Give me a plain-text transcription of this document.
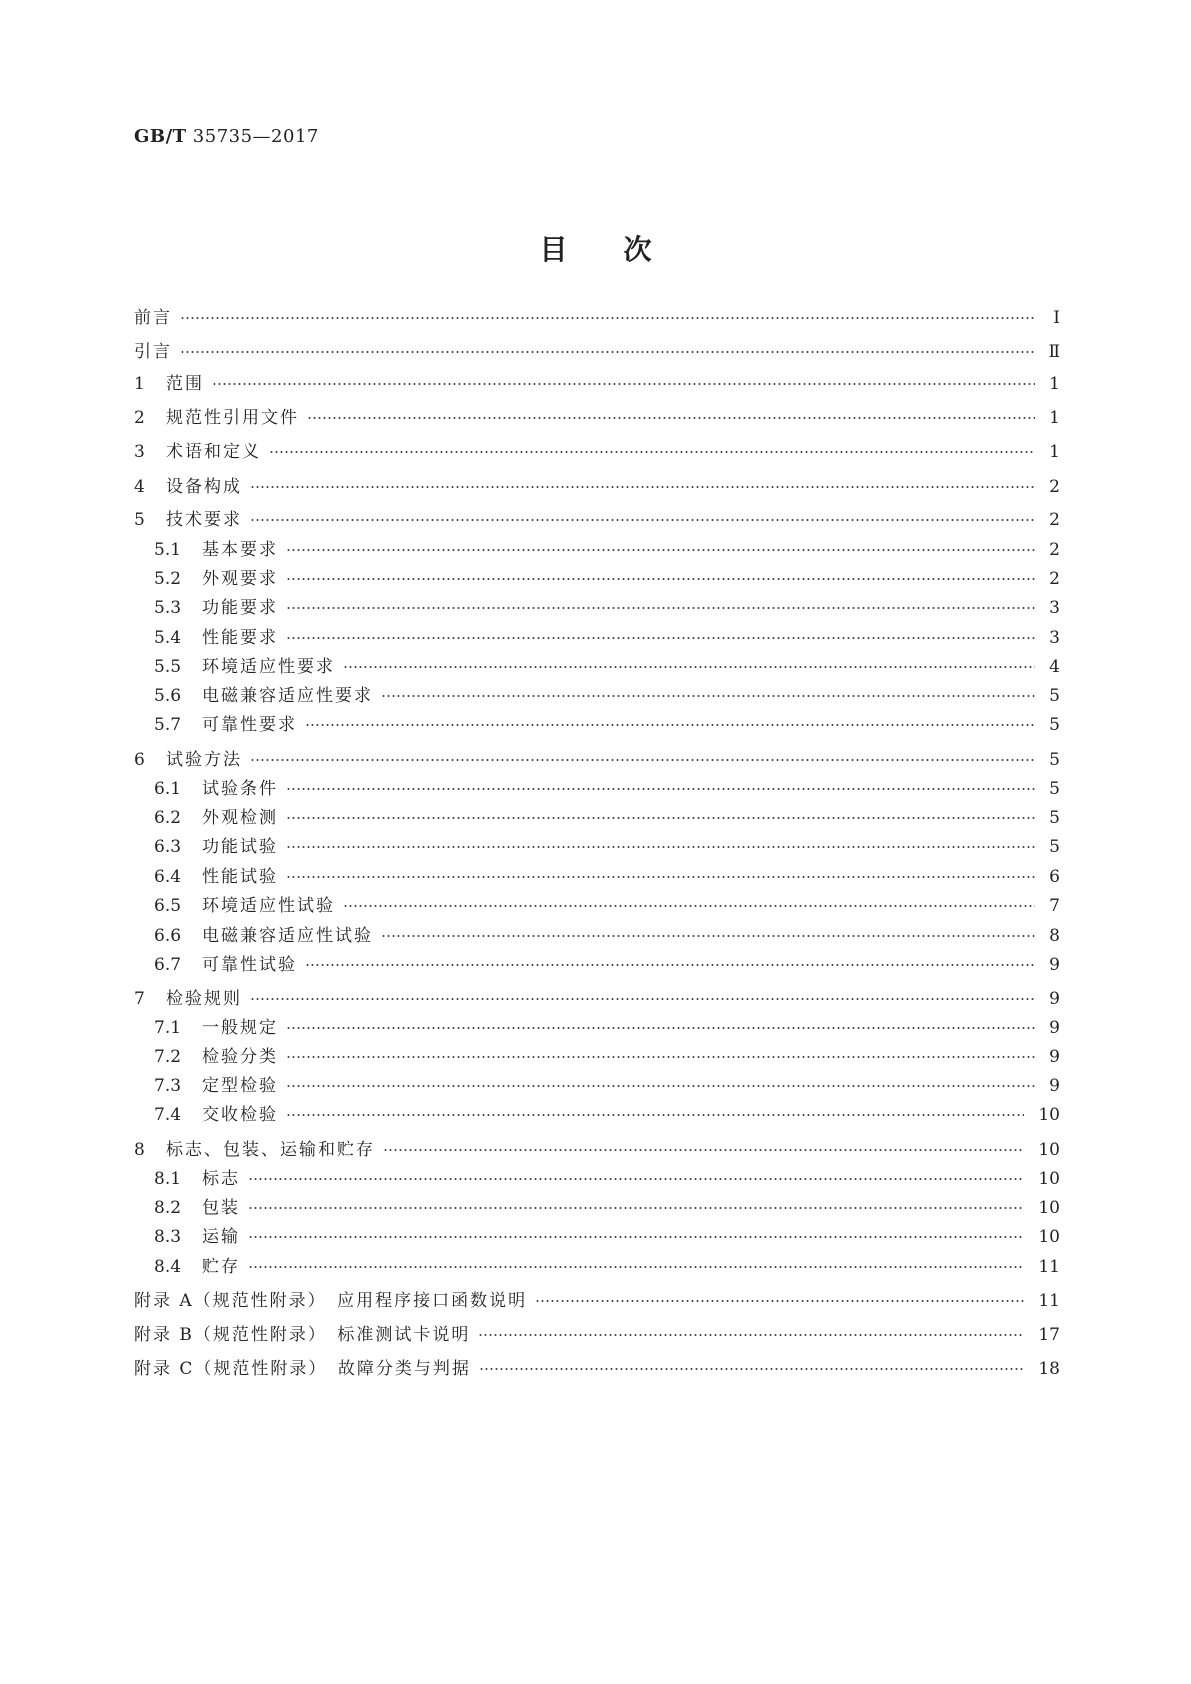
GB/T 35735—2017
目次
前言	Ⅰ
引言	Ⅱ
1	范围	1
2	规范性引用文件	1
3	术语和定义	1
4	设备构成	2
5	技术要求	2
5.1	基本要求	2
5.2	外观要求	2
5.3	功能要求	3
5.4	性能要求	3
5.5	环境适应性要求	4
5.6	电磁兼容适应性要求	5
5.7	可靠性要求	5
6	试验方法	5
6.1	试验条件	5
6.2	外观检测	5
6.3	功能试验	5
6.4	性能试验	6
6.5	环境适应性试验	7
6.6	电磁兼容适应性试验	8
6.7	可靠性试验	9
7	检验规则	9
7.1	一般规定	9
7.2	检验分类	9
7.3	定型检验	9
7.4	交收检验	10
8	标志、包装、运输和贮存	10
8.1	标志	10
8.2	包装	10
8.3	运输	10
8.4	贮存	11
附录 A（规范性附录）　应用程序接口函数说明	11
附录 B（规范性附录）　标准测试卡说明	17
附录 C（规范性附录）　故障分类与判据	18
